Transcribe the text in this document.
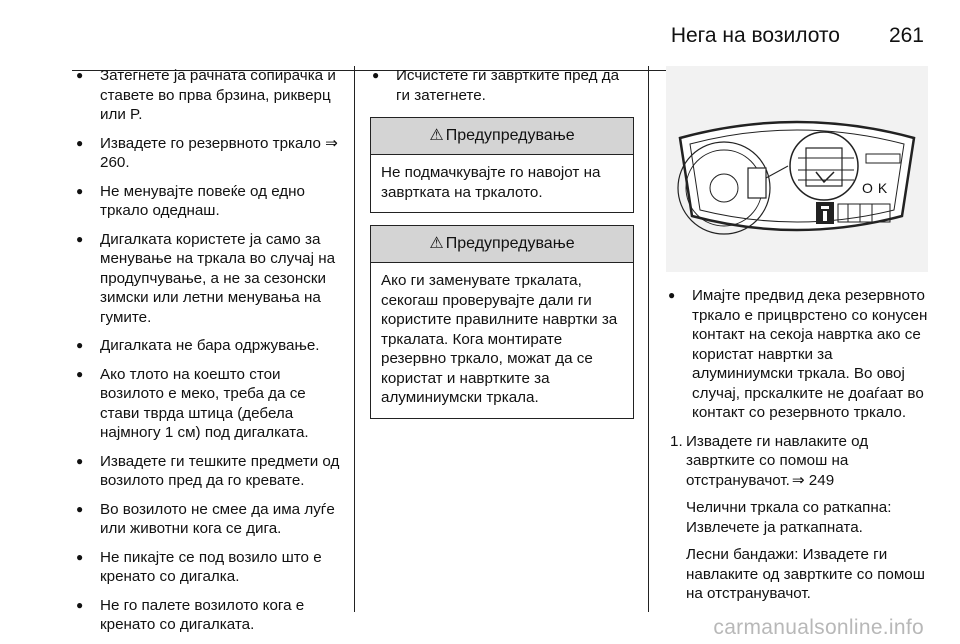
Нега на возилото 261
● Затегнете ја рачната сопирачка и ставете во прва брзина, рикверц или P.
● Извадете го резервното тркало ⇒ 260.
● Не менувајте повеќе од едно тркало одеднаш.
● Дигалката користете ја само за менување на тркала во случај на продупчување, а не за сезонски зимски или летни менувања на гумите.
● Дигалката не бара одржување.
● Ако тлото на коешто стои возилото е меко, треба да се стави тврда штица (дебела најмногу 1 см) под дигалката.
● Извадете ги тешките предмети од возилото пред да го кревате.
● Во возилото не смее да има луѓе или животни кога се дига.
● Не пикајте се под возило што е кренато со дигалка.
● Не го палете возилото кога е кренато со дигалката.
● Исчистете ги завртките пред да ги затегнете.
⚠ Предупредување
Не подмачкувајте го навојот на завртката на тркалото.
⚠ Предупредување
Ако ги заменувате тркалата, секогаш проверувајте дали ги користите правилните навртки за тркалата. Кога монтирате резервно тркало, можат да се користат и навртките за алуминиумски тркала.
OK
● Имајте предвид дека резервното тркало е прицврстено со конусен контакт на секоја навртка ако се користат навртки за алуминиумски тркала. Во овој случај, прскалките не доаѓаат во контакт со резервното тркало.
1. Извадете ги навлаките од завртките со помош на отстранувачот. ⇒ 249

Челични тркала со раткапна: Извлечете ја раткапната.

Лесни бандажи: Извадете ги навлаките од завртките со помош на отстранувачот.

carmanualsonline.info
